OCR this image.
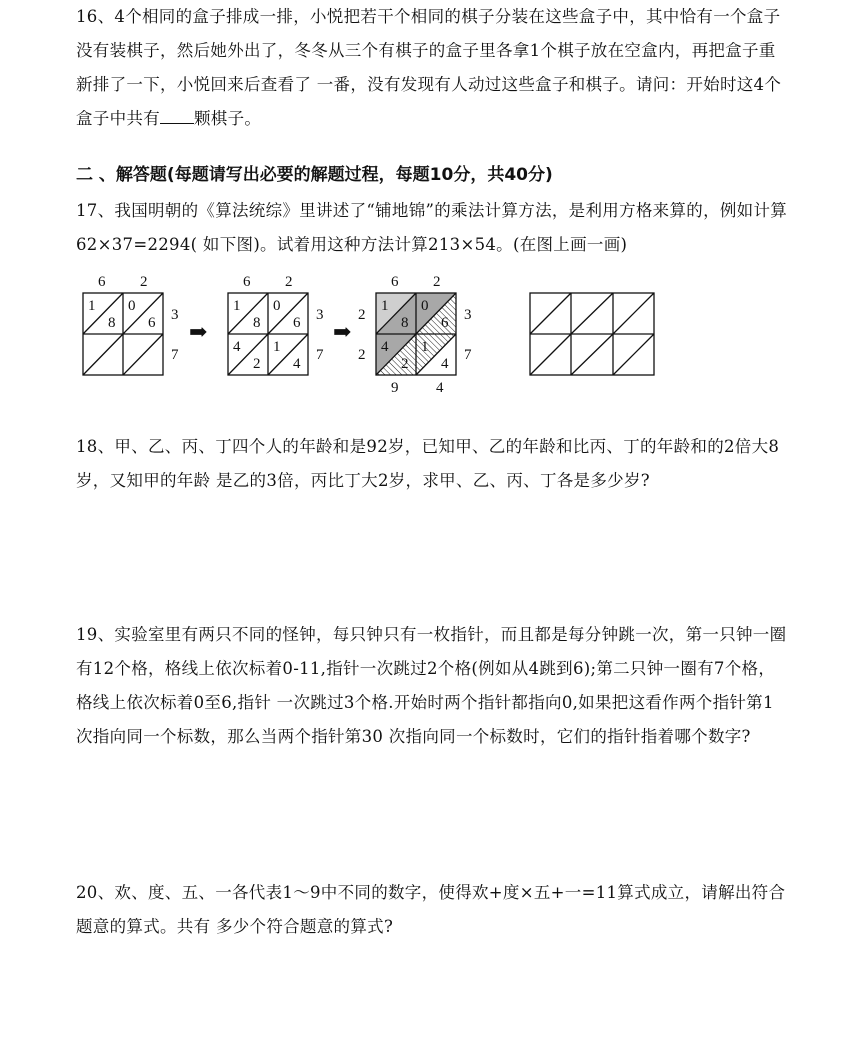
16、4个相同的盒子排成一排，小悦把若干个相同的棋子分装在这些盒子中，其中恰有一个盒子没有装棋子，然后她外出了，冬冬从三个有棋子的盒子里各拿1个棋子放在空盒内，再把盒子重新排了一下，小悦回来后查看了 一番，没有发现有人动过这些盒子和棋子。请问：开始时这4个盒子中共有 颗棋子。
二 、解答题(每题请写出必要的解题过程，每题10分，共40分)
17、我国明朝的《算法统综》里讲述了“铺地锦”的乘法计算方法，是利用方格来算的，例如计算62×37=2294( 如下图)。试着用这种方法计算213×54。(在图上画一画)
6 2
3
7
1
8
0
6 ➡
6 2
3
7
1
8
0
6
4
2
1
4
➡
6 2
3
7
2
2
9	4
1
8
0
6
4
2
1
4
18、甲、乙、丙、丁四个人的年龄和是92岁，已知甲、乙的年龄和比丙、丁的年龄和的2倍大8岁，又知甲的年龄 是乙的3倍，丙比丁大2岁，求甲、乙、丙、丁各是多少岁?
19、实验室里有两只不同的怪钟，每只钟只有一枚指针，而且都是每分钟跳一次，第一只钟一圈有12个格，格线上依次标着0-11,指针一次跳过2个格(例如从4跳到6);第二只钟一圈有7个格，格线上依次标着0至6,指针 一次跳过3个格.开始时两个指针都指向0,如果把这看作两个指针第1次指向同一个标数，那么当两个指针第30 次指向同一个标数时，它们的指针指着哪个数字?
20、欢、度、五、一各代表1～9中不同的数字，使得欢+度×五+一=11算式成立，请解出符合题意的算式。共有 多少个符合题意的算式?
